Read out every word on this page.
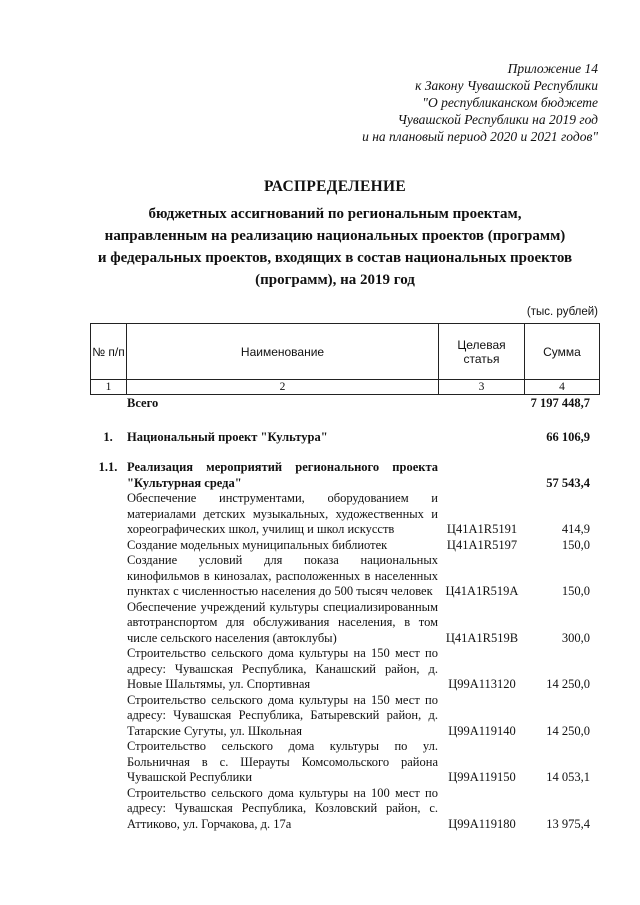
Приложение 14
к Закону Чувашской Республики
"О республиканском бюджете
Чувашской Республики на 2019 год
и на плановый период 2020 и 2021 годов"
РАСПРЕДЕЛЕНИЕ
бюджетных ассигнований по региональным проектам,
направленным на реализацию национальных проектов (программ)
и федеральных проектов, входящих в состав национальных проектов
(программ), на 2019 год
(тыс. рублей)
№ п/п	Наименование	Целевая статья	Сумма
1	2	3	4
Всего	7 197 448,7
1.	Национальный проект "Культура"	66 106,9
1.1. Реализация мероприятий регионального проекта "Культурная среда"	57 543,4
Обеспечение инструментами, оборудованием и материалами детских музыкальных, художественных и хореографических школ, училищ и школ искусств	Ц41A1R5191	414,9
Создание модельных муниципальных библиотек	Ц41A1R5197	150,0
Создание условий для показа национальных кинофильмов в кинозалах, расположенных в населенных пунктах с численностью населения до 500 тысяч человек	Ц41A1R519A	150,0
Обеспечение учреждений культуры специализированным автотранспортом для обслуживания населения, в том числе сельского населения (автоклубы)	Ц41A1R519B	300,0
Строительство сельского дома культуры на 150 мест по адресу: Чувашская Республика, Канашский район, д. Новые Шальтямы, ул. Спортивная	Ц99A113120	14 250,0
Строительство сельского дома культуры на 150 мест по адресу: Чувашская Республика, Батыревский район, д. Татарские Сугуты, ул. Школьная	Ц99A119140	14 250,0
Строительство сельского дома культуры по ул. Больничная в с. Шерауты Комсомольского района Чувашской Республики	Ц99A119150	14 053,1
Строительство сельского дома культуры на 100 мест по адресу: Чувашская Республика, Козловский район, с. Аттиково, ул. Горчакова, д. 17а	Ц99A119180	13 975,4
